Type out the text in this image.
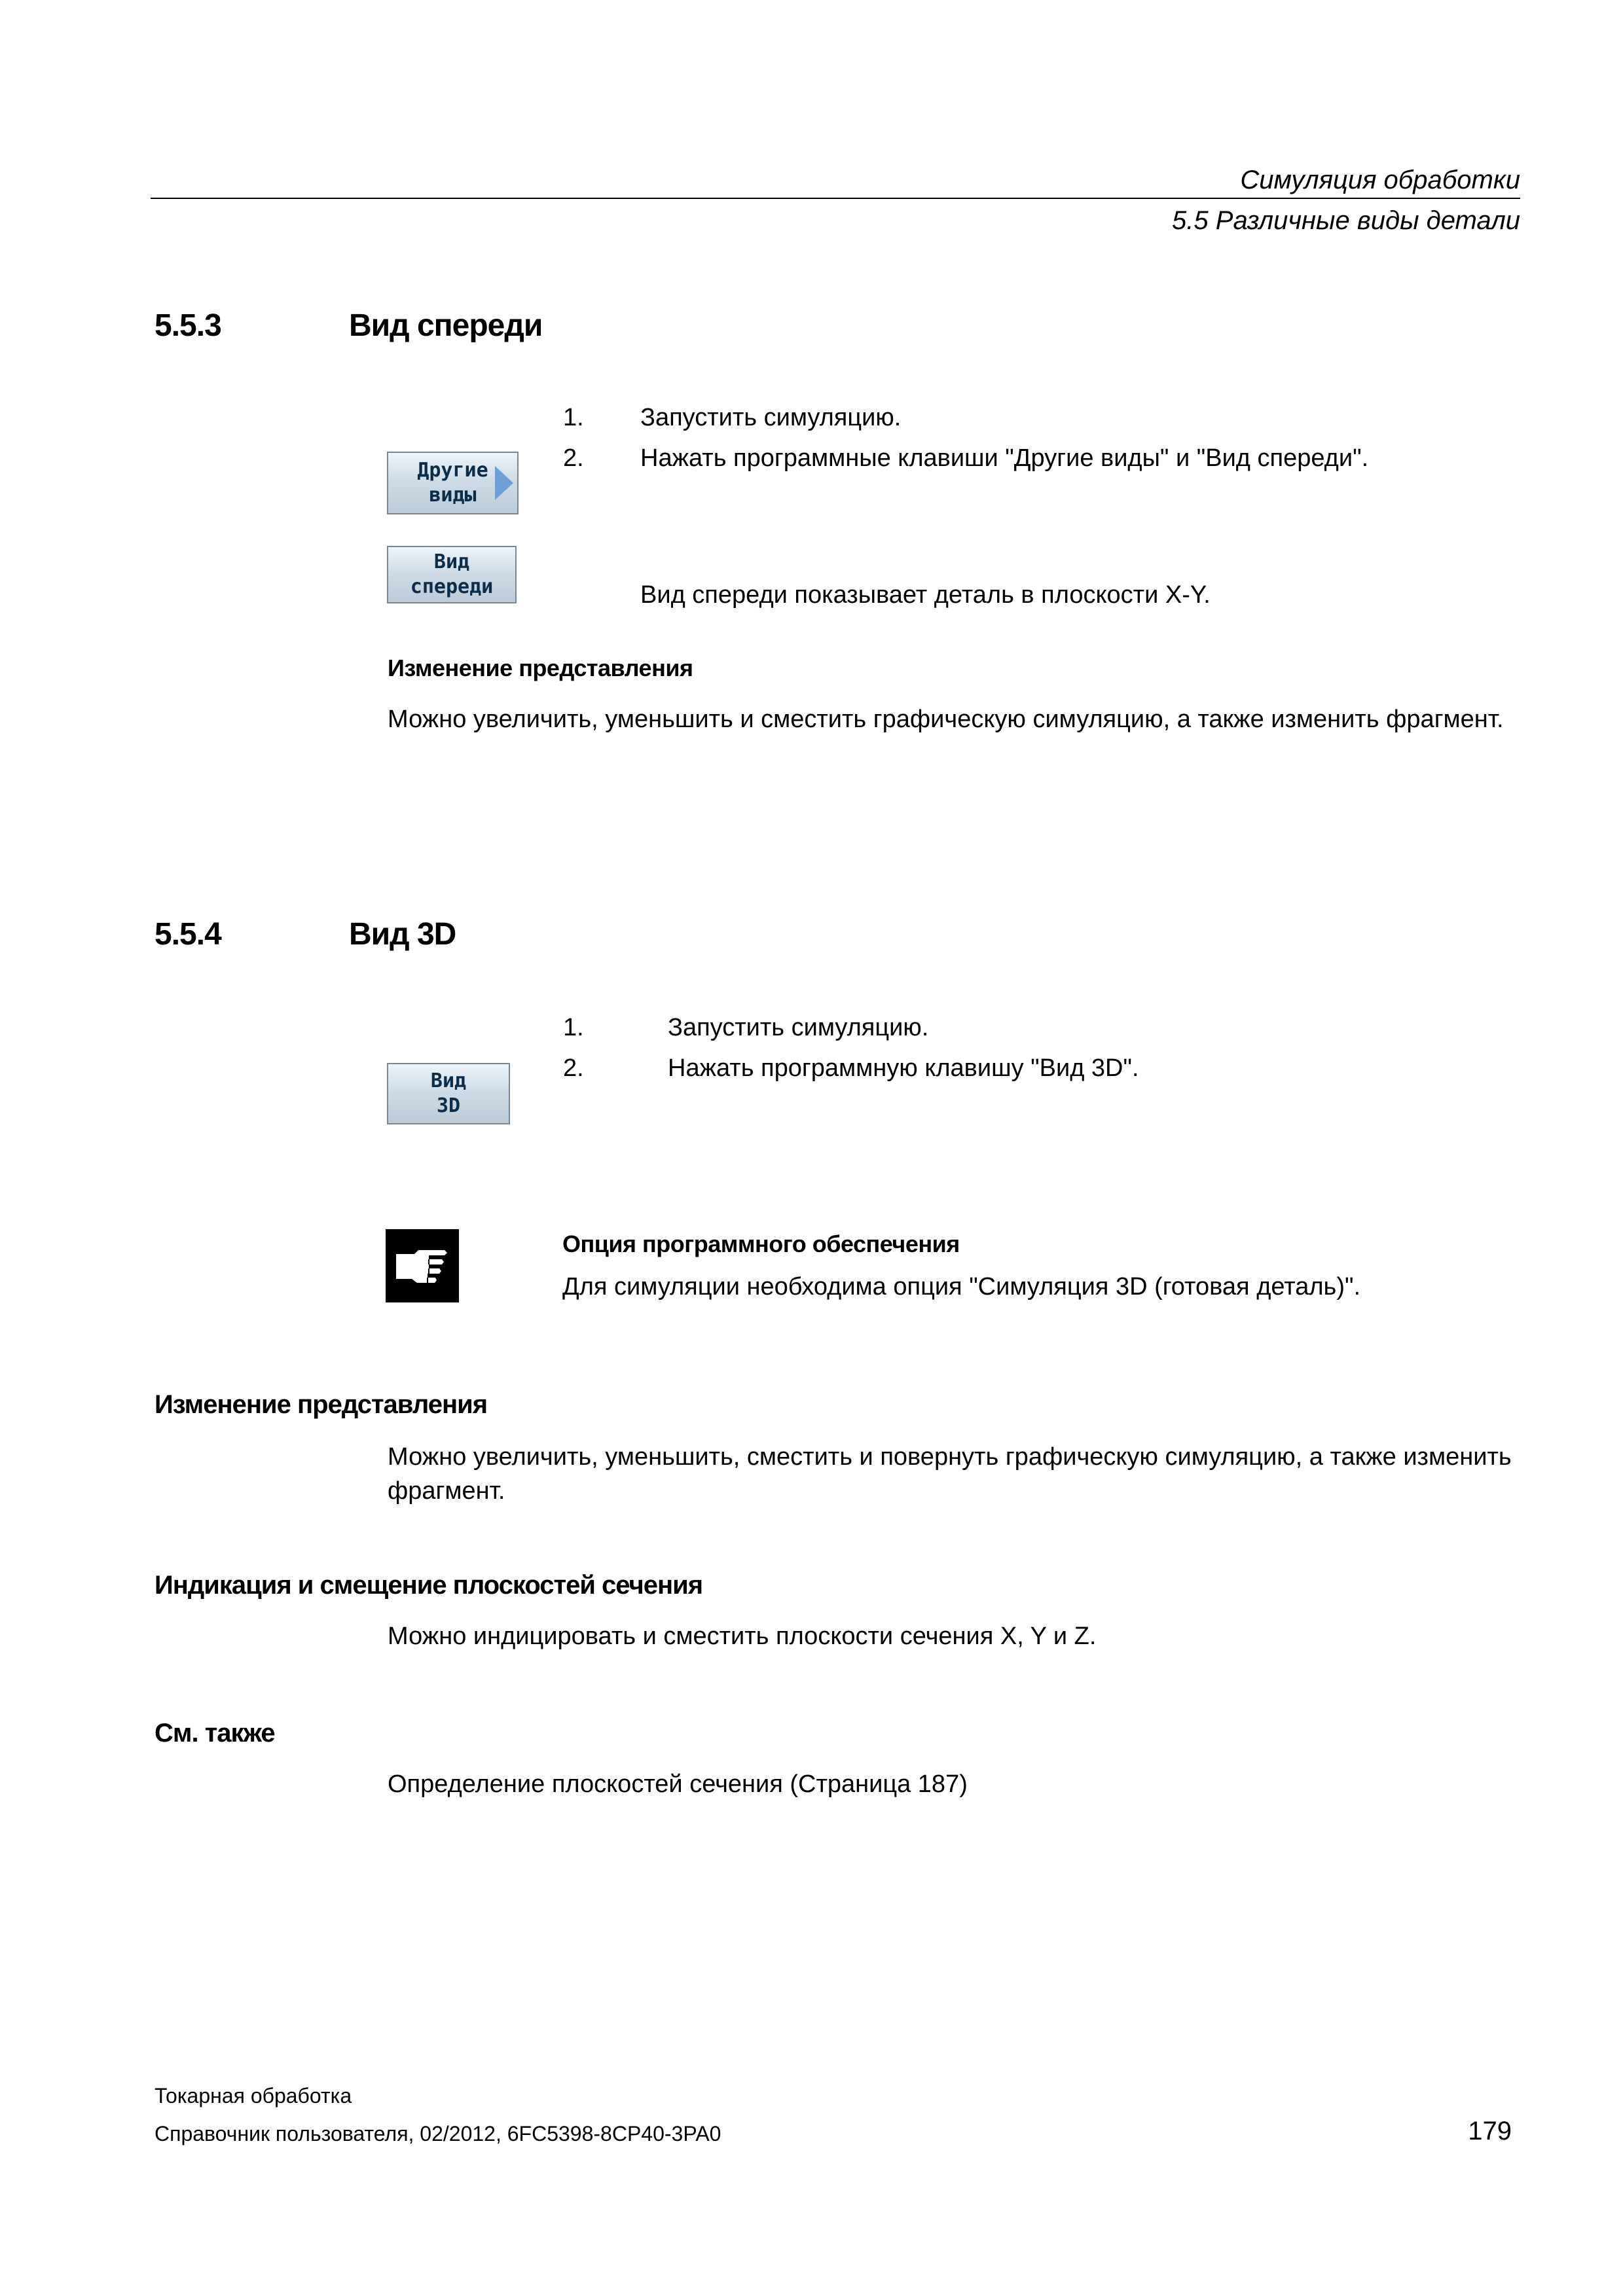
Симуляция обработки
5.5 Различные виды детали
5.5.3	Вид спереди
1. Запустить симуляцию.
2. Нажать программные клавиши "Другие виды" и "Вид спереди".
Другие
виды
Вид
спереди	Вид спереди показывает деталь в плоскости X-Y.
Изменение представления
Можно увеличить, уменьшить и сместить графическую симуляцию, а также изменить фрагмент.
5.5.4	Вид 3D
1.	Запустить симуляцию.
2.	Нажать программную клавишу "Вид 3D".
Вид
3D
Опция программного обеспечения
Для симуляции необходима опция "Симуляция 3D (готовая деталь)".
Изменение представления
Можно увеличить, уменьшить, сместить и повернуть графическую симуляцию, а также изменить фрагмент.
Индикация и смещение плоскостей сечения
Можно индицировать и сместить плоскости сечения X, Y и Z.
См. также
Определение плоскостей сечения (Страница 187)
Токарная обработка
Справочник пользователя, 02/2012, 6FC5398-8CP40-3PA0	179
